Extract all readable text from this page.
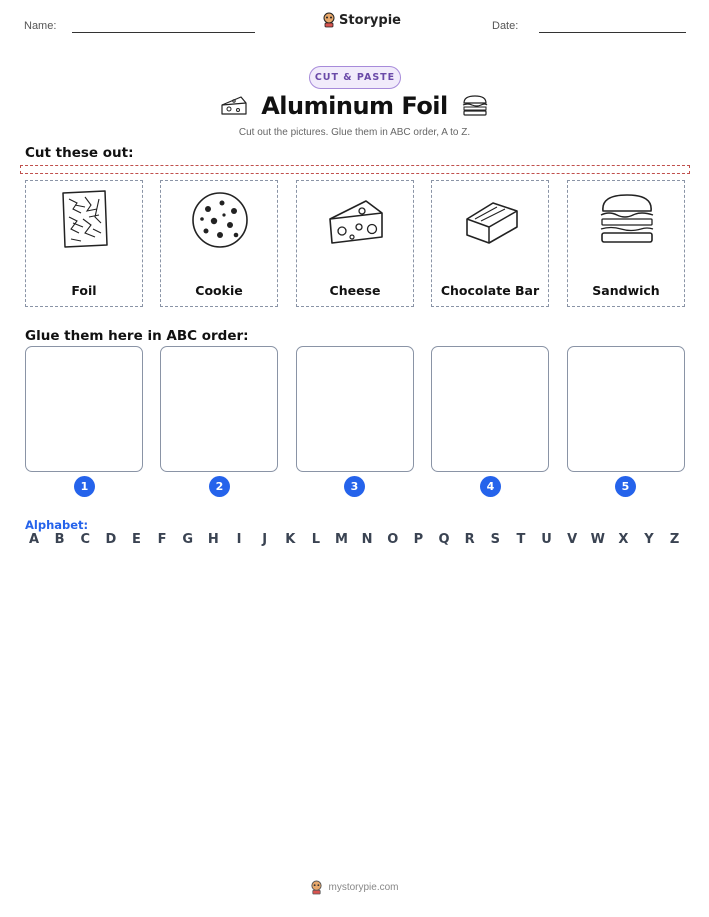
Name:	Storypie	Date:
CUT & PASTE
Aluminum Foil
Cut out the pictures. Glue them in ABC order, A to Z.
Cut these out:
Foil	Cookie	Cheese	Chocolate Bar	Sandwich
Glue them here in ABC order:
1	2	3	4	5
Alphabet:
A	B	C	D	E	F	G H	I	J	K	L	M N O	P	Q	R	S	T	U	V	W	X	Y	Z
mystorypie.com
